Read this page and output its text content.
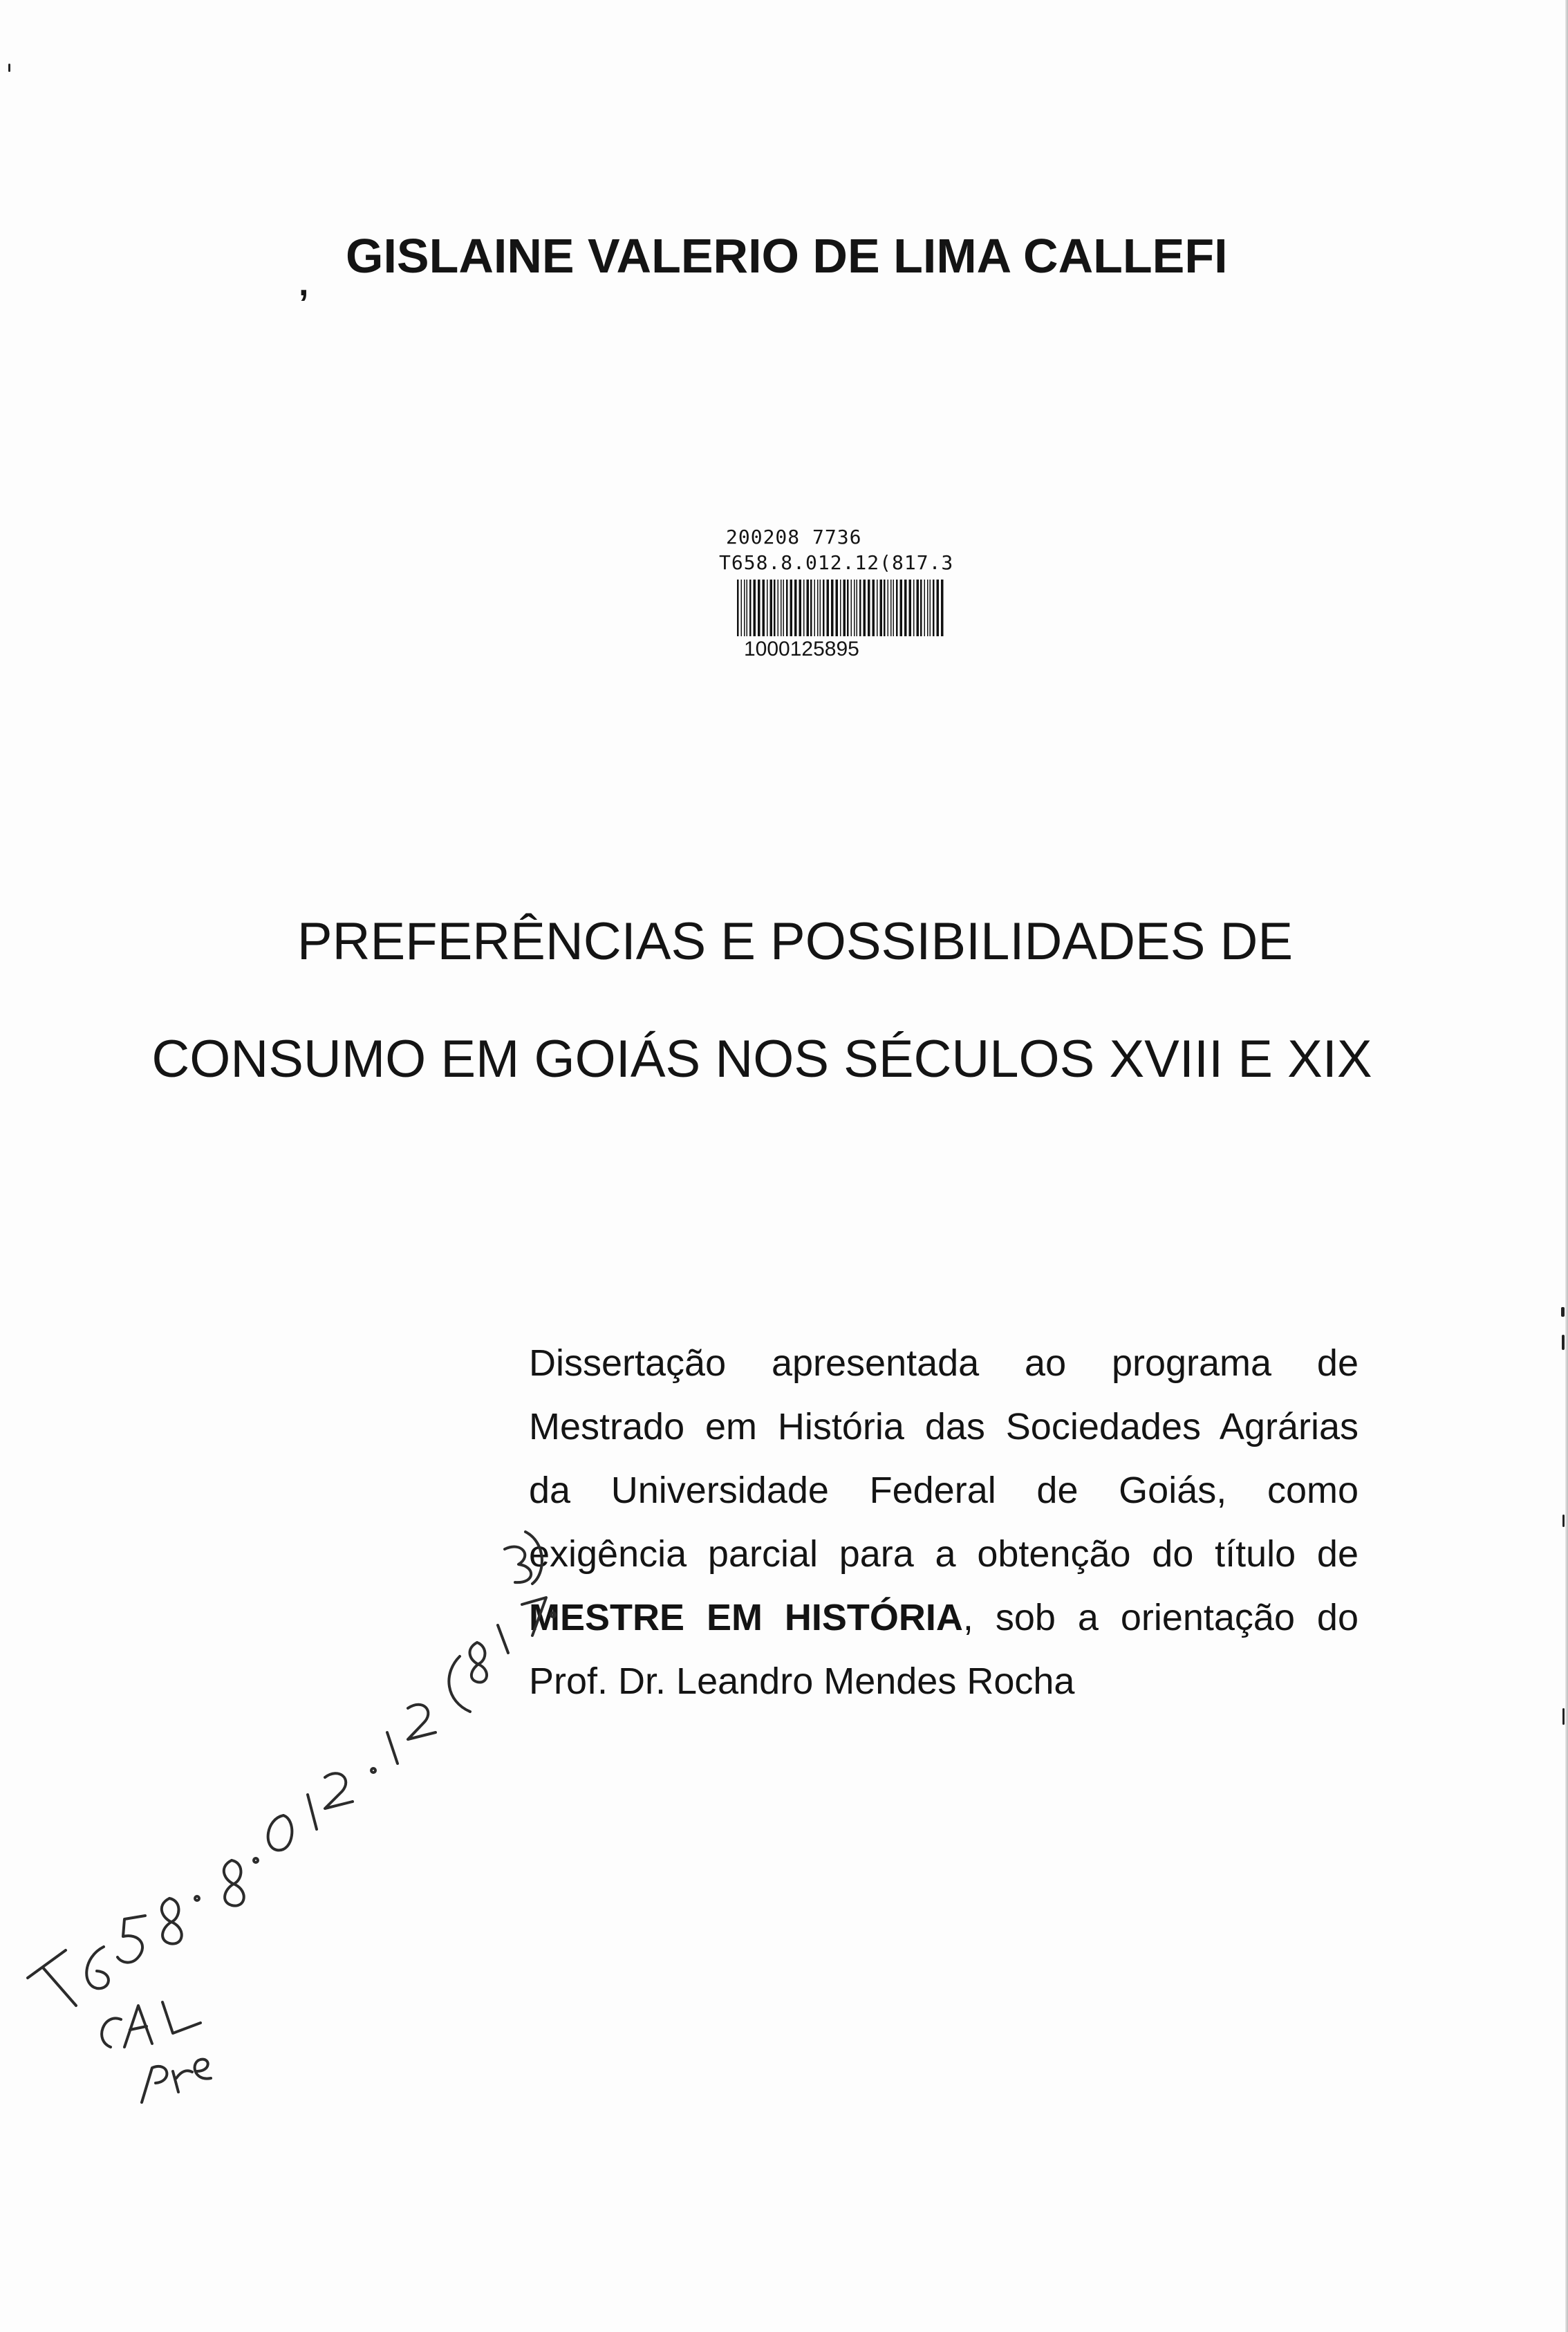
,
GISLAINE VALERIO DE LIMA CALLEFI
200208 7736
T658.8.012.12(817.3
1000125895
PREFERÊNCIAS E POSSIBILIDADES DE
CONSUMO EM GOIÁS NOS SÉCULOS XVIII E XIX
Dissertação apresentada ao programa de
Mestrado em História das Sociedades Agrárias
da Universidade Federal de Goiás, como
exigência parcial para a obtenção do título de
MESTRE EM HISTÓRIA, sob a orientação do
Prof. Dr. Leandro Mendes Rocha
